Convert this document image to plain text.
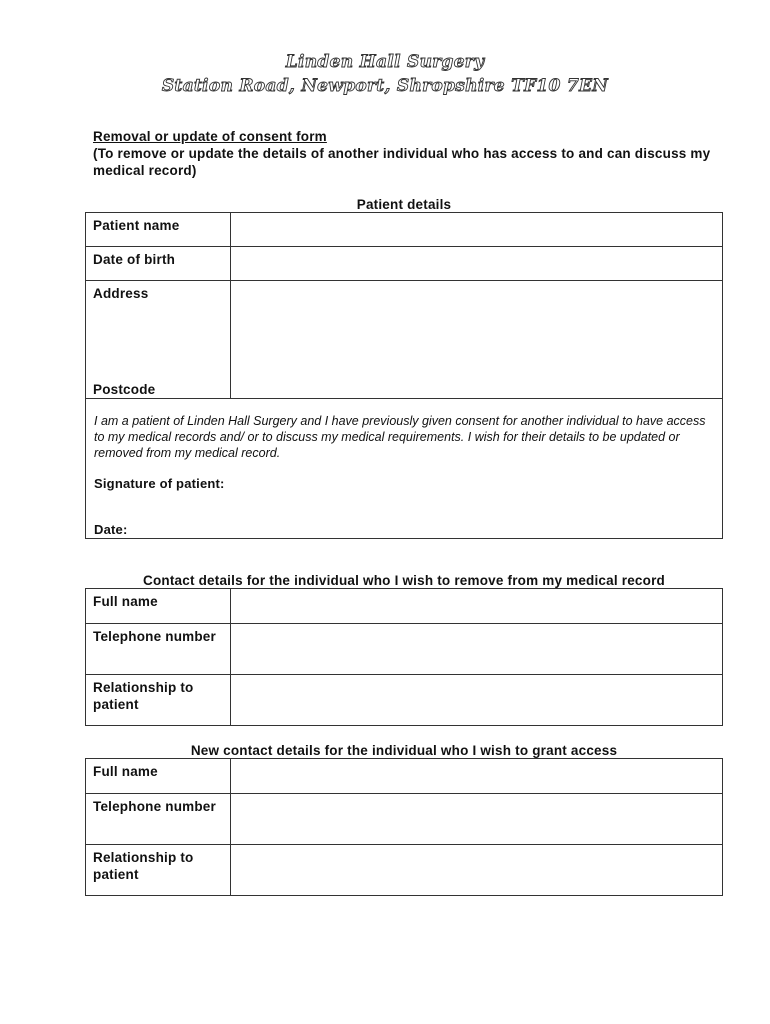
Linden Hall Surgery
Station Road, Newport, Shropshire TF10 7EN
Removal or update of consent form
(To remove or update the details of another individual who has access to and can discuss my medical record)
Patient details
Patient name	
Date of birth	

Address
Postcode	

I am a patient of Linden Hall Surgery and I have previously given consent for another individual to have access to my medical records and/ or to discuss my medical requirements. I wish for their details to be updated or removed from my medical record.
Signature of patient:
Date:	
Contact details for the individual who I wish to remove from my medical record
Full name	
Telephone number	
Relationship to patient	
New contact details for the individual who I wish to grant access
Full name	
Telephone number	
Relationship to patient	
